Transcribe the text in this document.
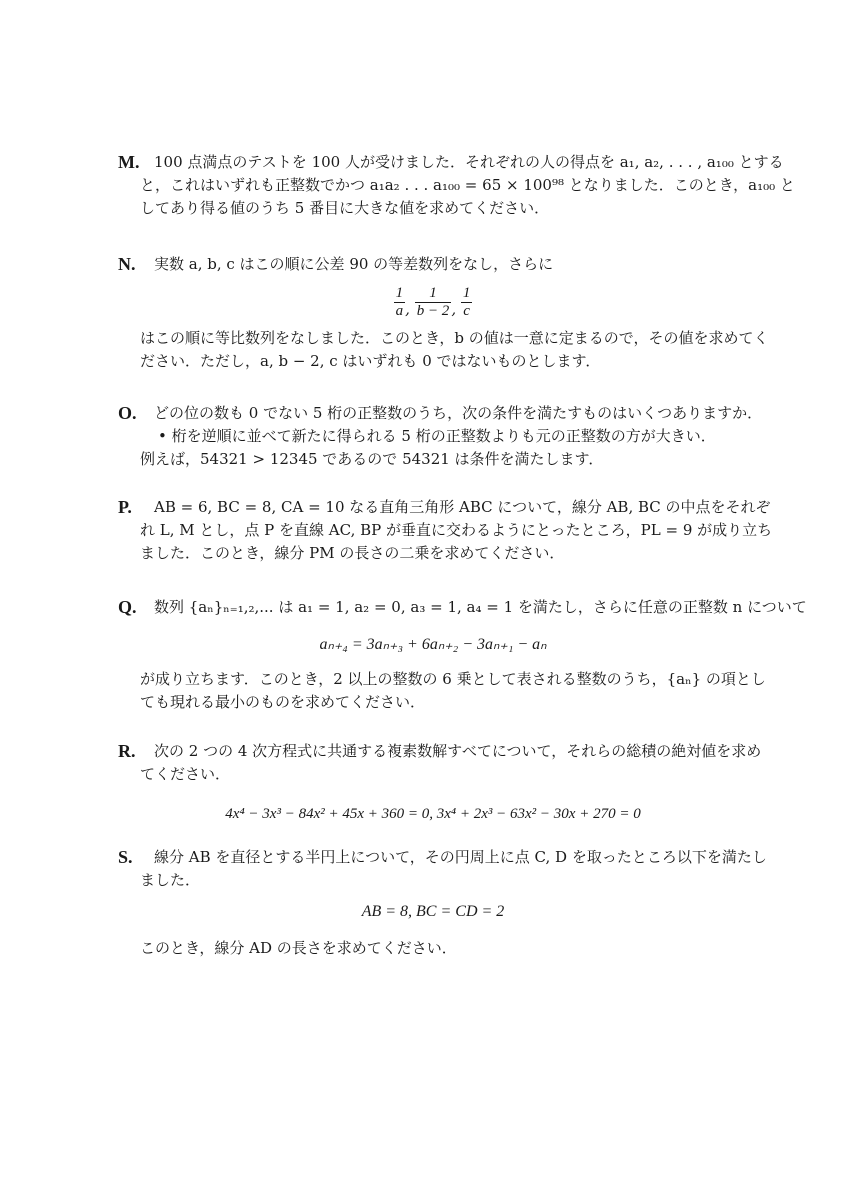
M. 100 点満点のテストを 100 人が受けました．それぞれの人の得点を a₁, a₂, . . . , a₁₀₀ とする
と，これはいずれも正整数でかつ a₁a₂ . . . a₁₀₀ = 65 × 100⁹⁸ となりました．このとき，a₁₀₀ と
してあり得る値のうち 5 番目に大きな値を求めてください．
N.	実数 a, b, c はこの順に公差 90 の等差数列をなし，さらに
$\frac{1}{a}$ , $\frac{1}{b - 2}$ , $\frac{1}{c}$
はこの順に等比数列をなしました．このとき，b の値は一意に定まるので，その値を求めてく
ださい．ただし，a, b − 2, c はいずれも 0 ではないものとします．
O.	どの位の数も 0 でない 5 桁の正整数のうち，次の条件を満たすものはいくつありますか．
• 桁を逆順に並べて新たに得られる 5 桁の正整数よりも元の正整数の方が大きい．
例えば，54321 > 12345 であるので 54321 は条件を満たします．
P.	AB = 6, BC = 8, CA = 10 なる直角三角形 ABC について，線分 AB, BC の中点をそれぞ
れ L, M とし，点 P を直線 AC, BP が垂直に交わるようにとったところ，PL = 9 が成り立ち
ました．このとき，線分 PM の長さの二乗を求めてください．
Q.	数列 {aₙ}ₙ₌₁,₂,... は a₁ = 1, a₂ = 0, a₃ = 1, a₄ = 1 を満たし，さらに任意の正整数 n について
aₙ₊₄ = 3aₙ₊₃ + 6aₙ₊₂ − 3aₙ₊₁ − aₙ
が成り立ちます．このとき，2 以上の整数の 6 乗として表される整数のうち，{aₙ} の項とし
ても現れる最小のものを求めてください．
R.	次の 2 つの 4 次方程式に共通する複素数解すべてについて，それらの総積の絶対値を求め
てください．
4x⁴ − 3x³ − 84x² + 45x + 360 = 0, 3x⁴ + 2x³ − 63x² − 30x + 270 = 0
S.	線分 AB を直径とする半円上について，その円周上に点 C, D を取ったところ以下を満たし
ました．
AB = 8, BC = CD = 2
このとき，線分 AD の長さを求めてください．
